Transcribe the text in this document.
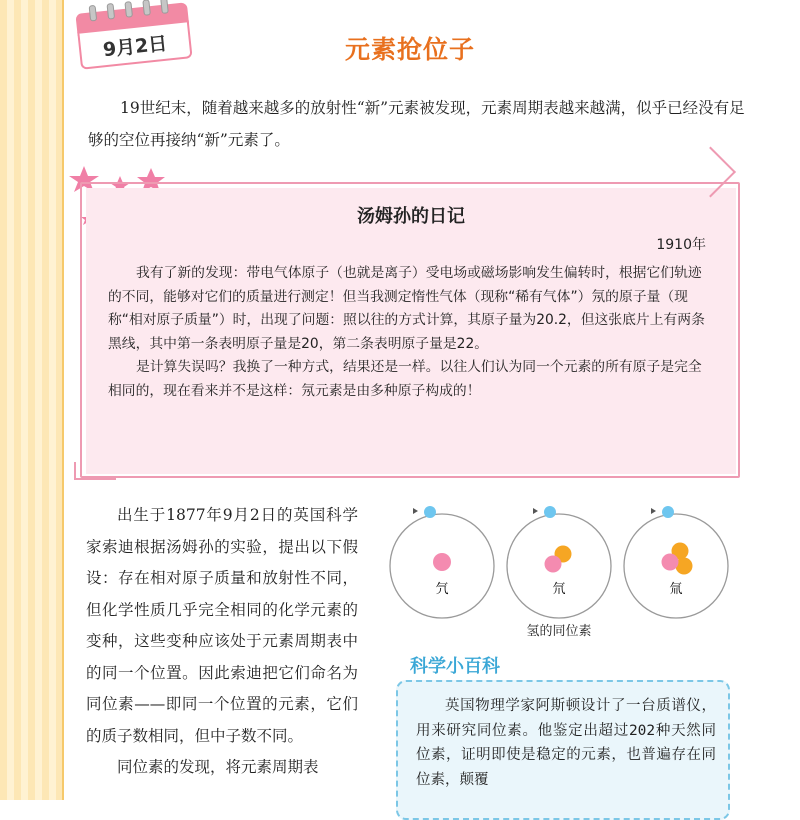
9月2日	元素抢位子
19世纪末，随着越来越多的放射性“新”元素被发现，元素周期表越来越满，似乎已经没有足够的空位再接纳“新”元素了。
汤姆孙的日记
1910年

我有了新的发现：带电气体原子（也就是离子）受电场或磁场影响发生偏转时，根据它们轨迹的不同，能够对它们的质量进行测定！但当我测定惰性气体（现称“稀有气体”）氖的原子量（现称“相对原子质量”）时，出现了问题：照以往的方式计算，其原子量为20.2，但这张底片上有两条黑线，其中第一条表明原子量是20，第二条表明原子量是22。

是计算失误吗？我换了一种方式，结果还是一样。以往人们认为同一个元素的所有原子是完全相同的，现在看来并不是这样：氖元素是由多种原子构成的！

出生于1877年9月2日的英国科学家索迪根据汤姆孙的实验，提出以下假设：存在相对原子质量和放射性不同，但化学性质几乎完全相同的化学元素的变种，这些变种应该处于元素周期表中的同一个位置。因此索迪把它们命名为同位素——即同一个位置的元素，它们的质子数相同，但中子数不同。
同位素的发现，将元素周期表
氕	氘	氚
氢的同位素
科学小百科
英国物理学家阿斯顿设计了一台质谱仪，用来研究同位素。他鉴定出超过202种天然同位素，证明即使是稳定的元素，也普遍存在同位素，颠覆
